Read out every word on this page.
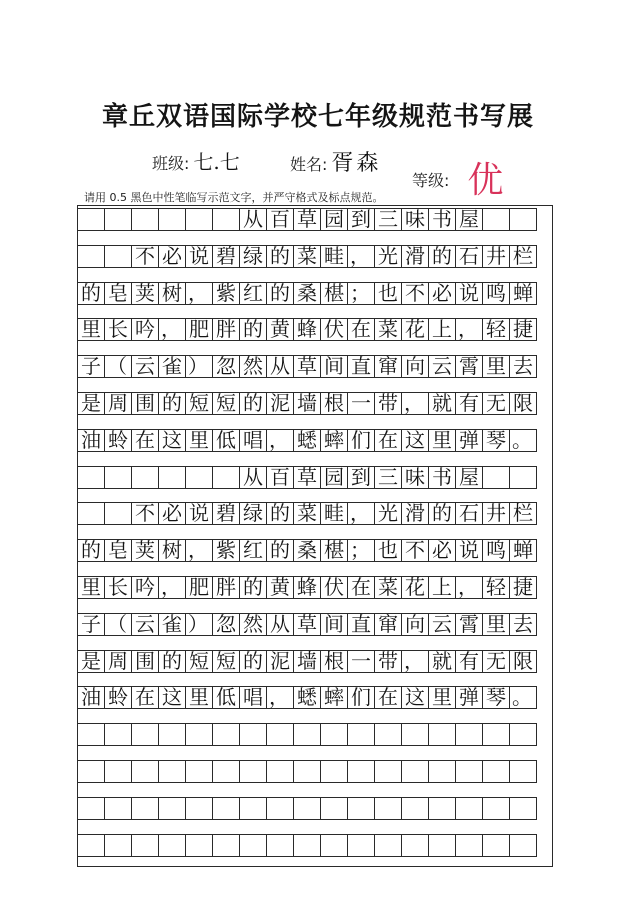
章丘双语国际学校七年级规范书写展
班级: 七.七	姓名: 胥森
等级: 优
请用 0.5 黑色中性笔临写示范文字，并严守格式及标点规范。
从 百 草 园 到 三 味 书 屋
不 必 说 碧 绿 的 菜 畦 ， 光 滑 的 石 井 栏
的 皂 荚 树 ， 紫 红 的 桑 椹 ； 也 不 必 说 鸣 蝉
里 长 吟 ， 肥 胖 的 黄 蜂 伏 在 菜 花 上 ， 轻 捷
子 （ 云 雀 ） 忽 然 从 草 间 直 窜 向 云 霄 里 去
是 周 围 的 短 短 的 泥 墙 根 一 带 ， 就 有 无 限
油 蛉 在 这 里 低 唱 ， 蟋 蟀 们 在 这 里 弹 琴 。
从 百 草 园 到 三 味 书 屋
不 必 说 碧 绿 的 菜 畦 ， 光 滑 的 石 井 栏
的 皂 荚 树 ， 紫 红 的 桑 椹 ； 也 不 必 说 鸣 蝉
里 长 吟 ， 肥 胖 的 黄 蜂 伏 在 菜 花 上 ， 轻 捷
子 （ 云 雀 ） 忽 然 从 草 间 直 窜 向 云 霄 里 去
是 周 围 的 短 短 的 泥 墙 根 一 带 ， 就 有 无 限
油 蛉 在 这 里 低 唱 ， 蟋 蟀 们 在 这 里 弹 琴 。
